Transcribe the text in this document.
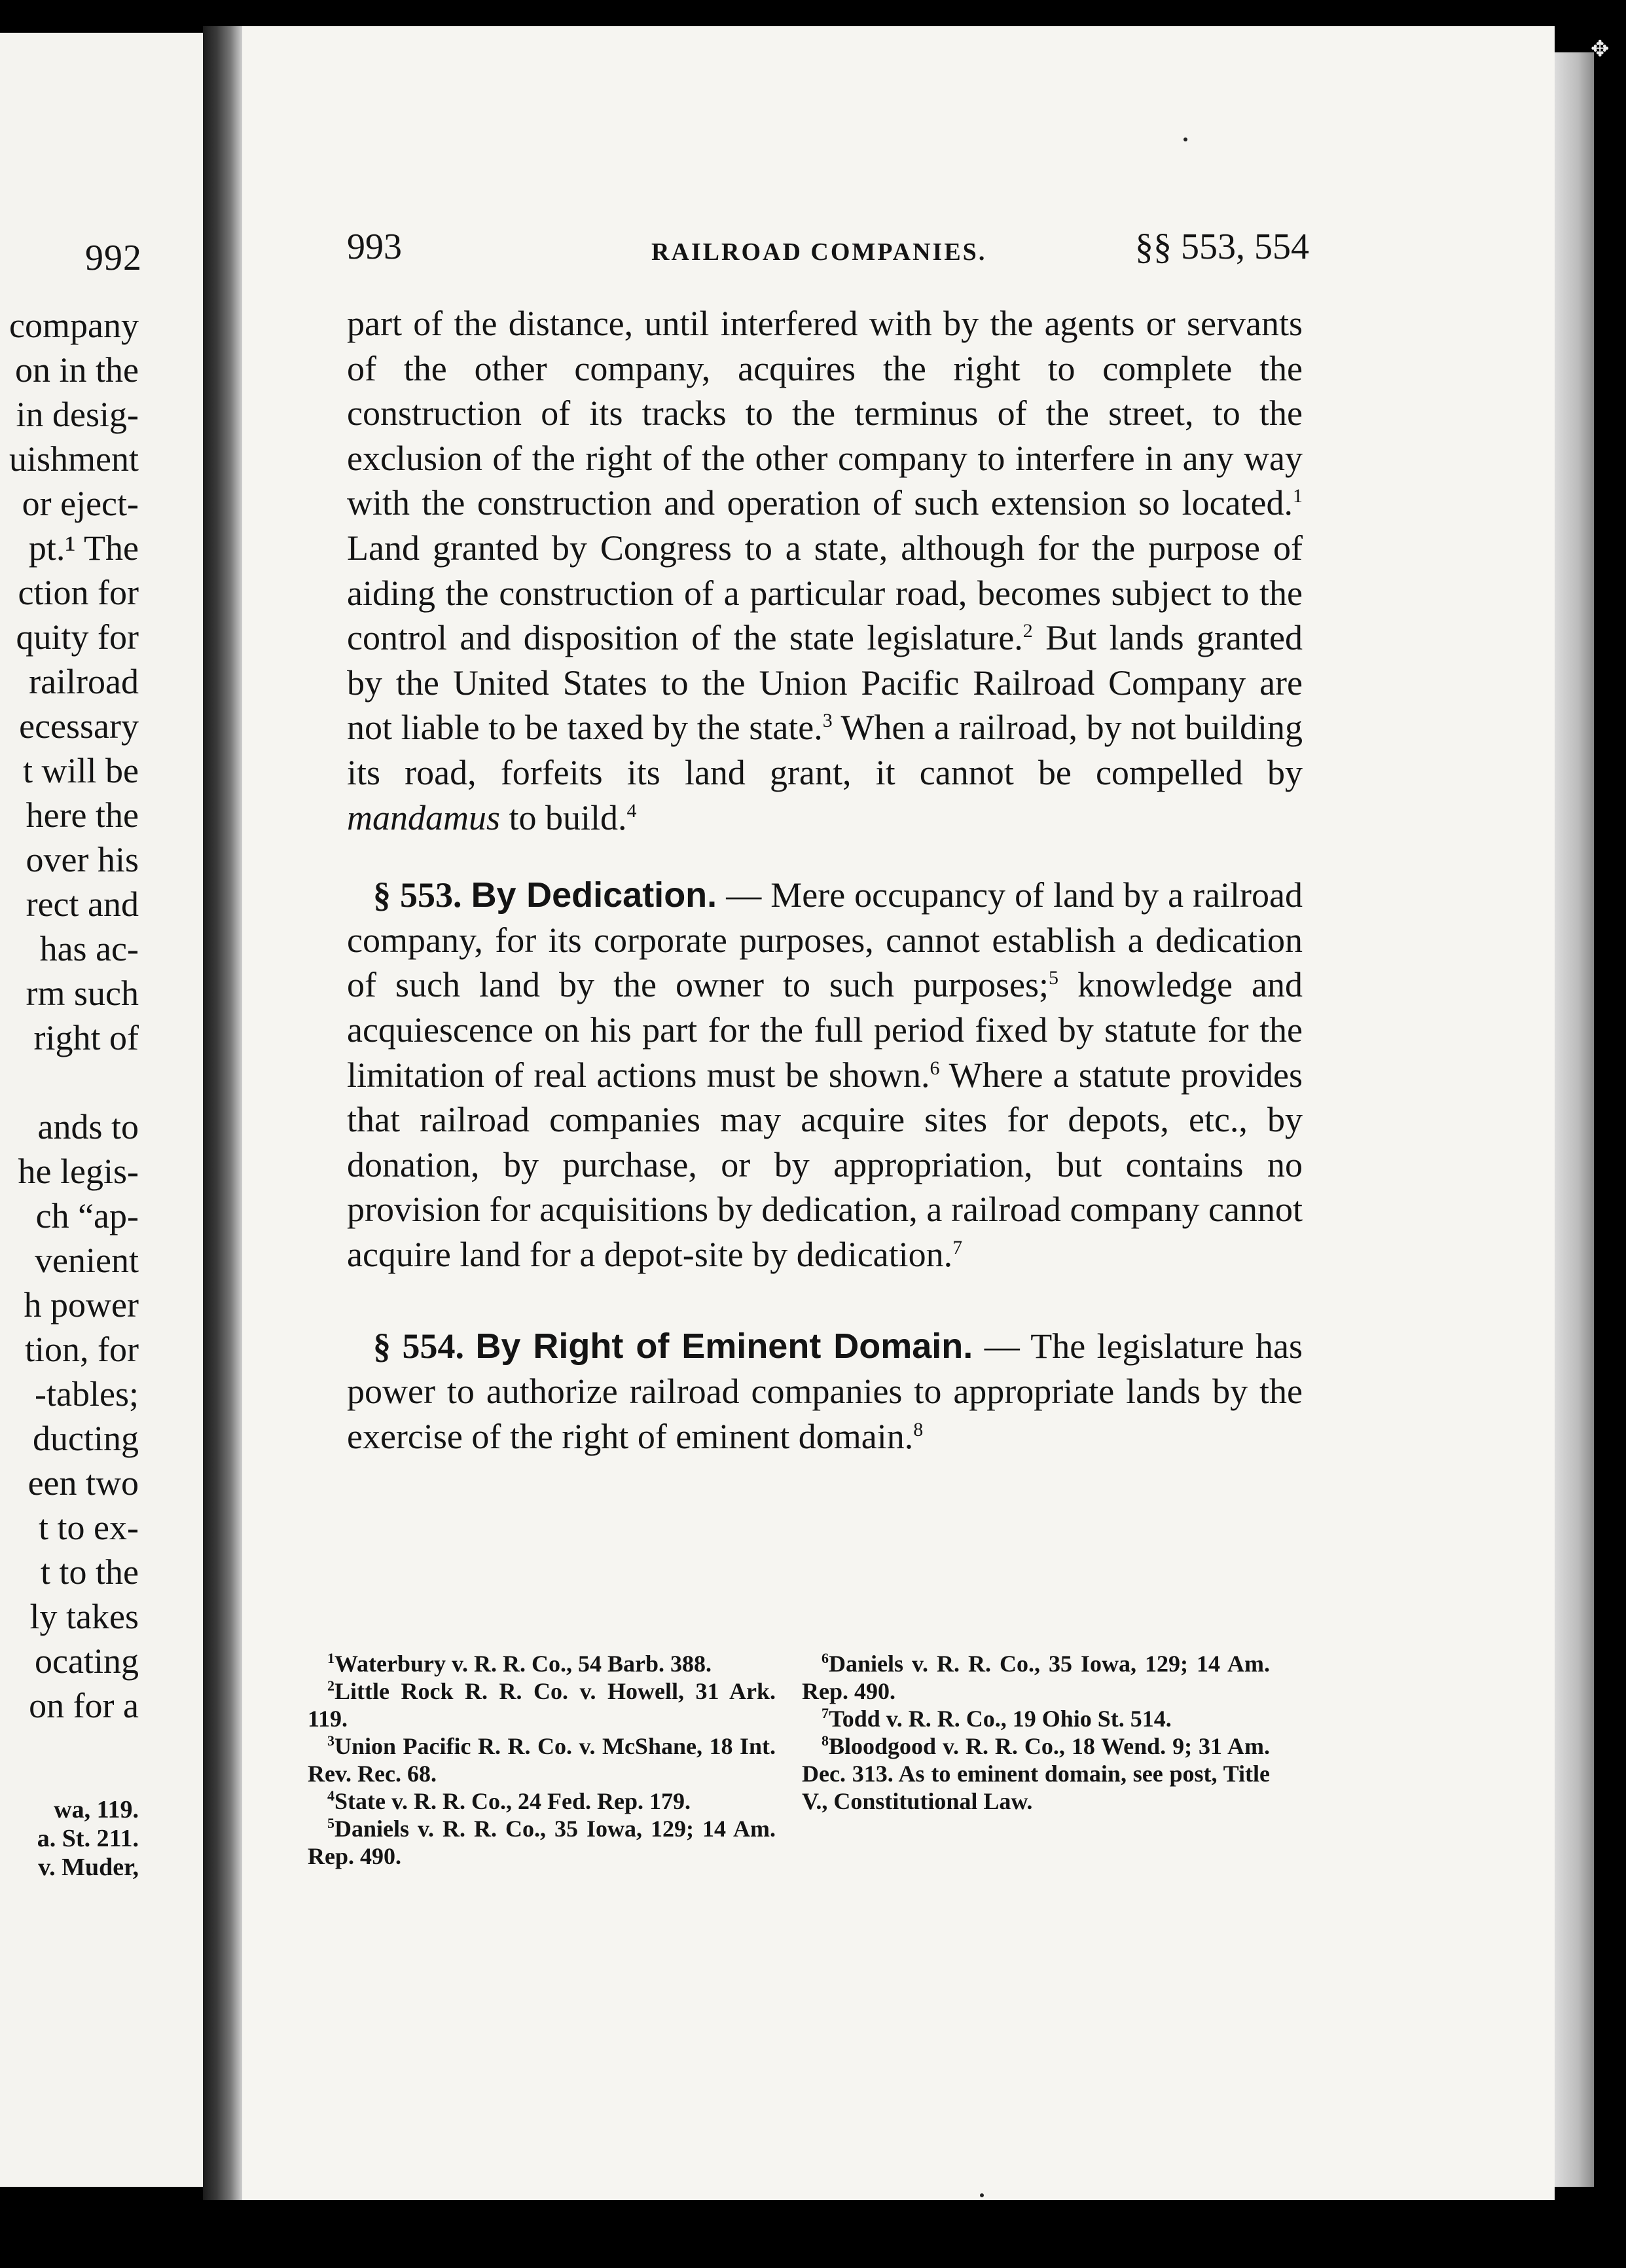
992
company
on in the
in desig-
uishment
or eject-
pt.¹ The
ction for
quity for
railroad
ecessary
t will be
here the
over his
rect and
has ac-
rm such
right of
ands to
he legis-
ch “ap-
venient
h power
tion, for
-tables;
ducting
een two
t to ex-
t to the
ly takes
ocating
on for a
wa, 119.
a. St. 211.
v. Muder,
993	RAILROAD COMPANIES.	§§ 553, 554

part of the distance, until interfered with by the agents or servants of the other company, acquires the right to complete the construction of its tracks to the terminus of the street, to the exclusion of the right of the other company to interfere in any way with the construction and operation of such extension so located.$^1$ Land granted by Congress to a state, although for the purpose of aiding the construction of a particular road, becomes subject to the control and disposition of the state legislature.$^2$ But lands granted by the United States to the Union Pacific Railroad Company are not liable to be taxed by the state.$^3$ When a railroad, by not building its road, forfeits its land grant, it cannot be compelled by mandamus to build.$^4$

§ 553. By Dedication. — Mere occupancy of land by a railroad company, for its corporate purposes, cannot establish a dedication of such land by the owner to such purposes;$^5$ knowledge and acquiescence on his part for the full period fixed by statute for the limitation of real actions must be shown.$^6$ Where a statute provides that railroad companies may acquire sites for depots, etc., by donation, by purchase, or by appropriation, but contains no provision for acquisitions by dedication, a railroad company cannot acquire land for a depot-site by dedication.$^7$

§ 554. By Right of Eminent Domain. — The legislature has power to authorize railroad companies to appropriate lands by the exercise of the right of eminent domain.$^8$

$^1$Waterbury v. R. R. Co., 54 Barb. 388.

$^2$Little Rock R. R. Co. v. Howell, 31 Ark. 119.

$^3$Union Pacific R. R. Co. v. McShane, 18 Int. Rev. Rec. 68.

$^4$State v. R. R. Co., 24 Fed. Rep. 179.

$^5$Daniels v. R. R. Co., 35 Iowa, 129; 14 Am. Rep. 490.

$^6$Daniels v. R. R. Co., 35 Iowa, 129; 14 Am. Rep. 490.

$^7$Todd v. R. R. Co., 19 Ohio St. 514.

$^8$Bloodgood v. R. R. Co., 18 Wend. 9; 31 Am. Dec. 313. As to eminent domain, see post, Title V., Constitutional Law.

✥
